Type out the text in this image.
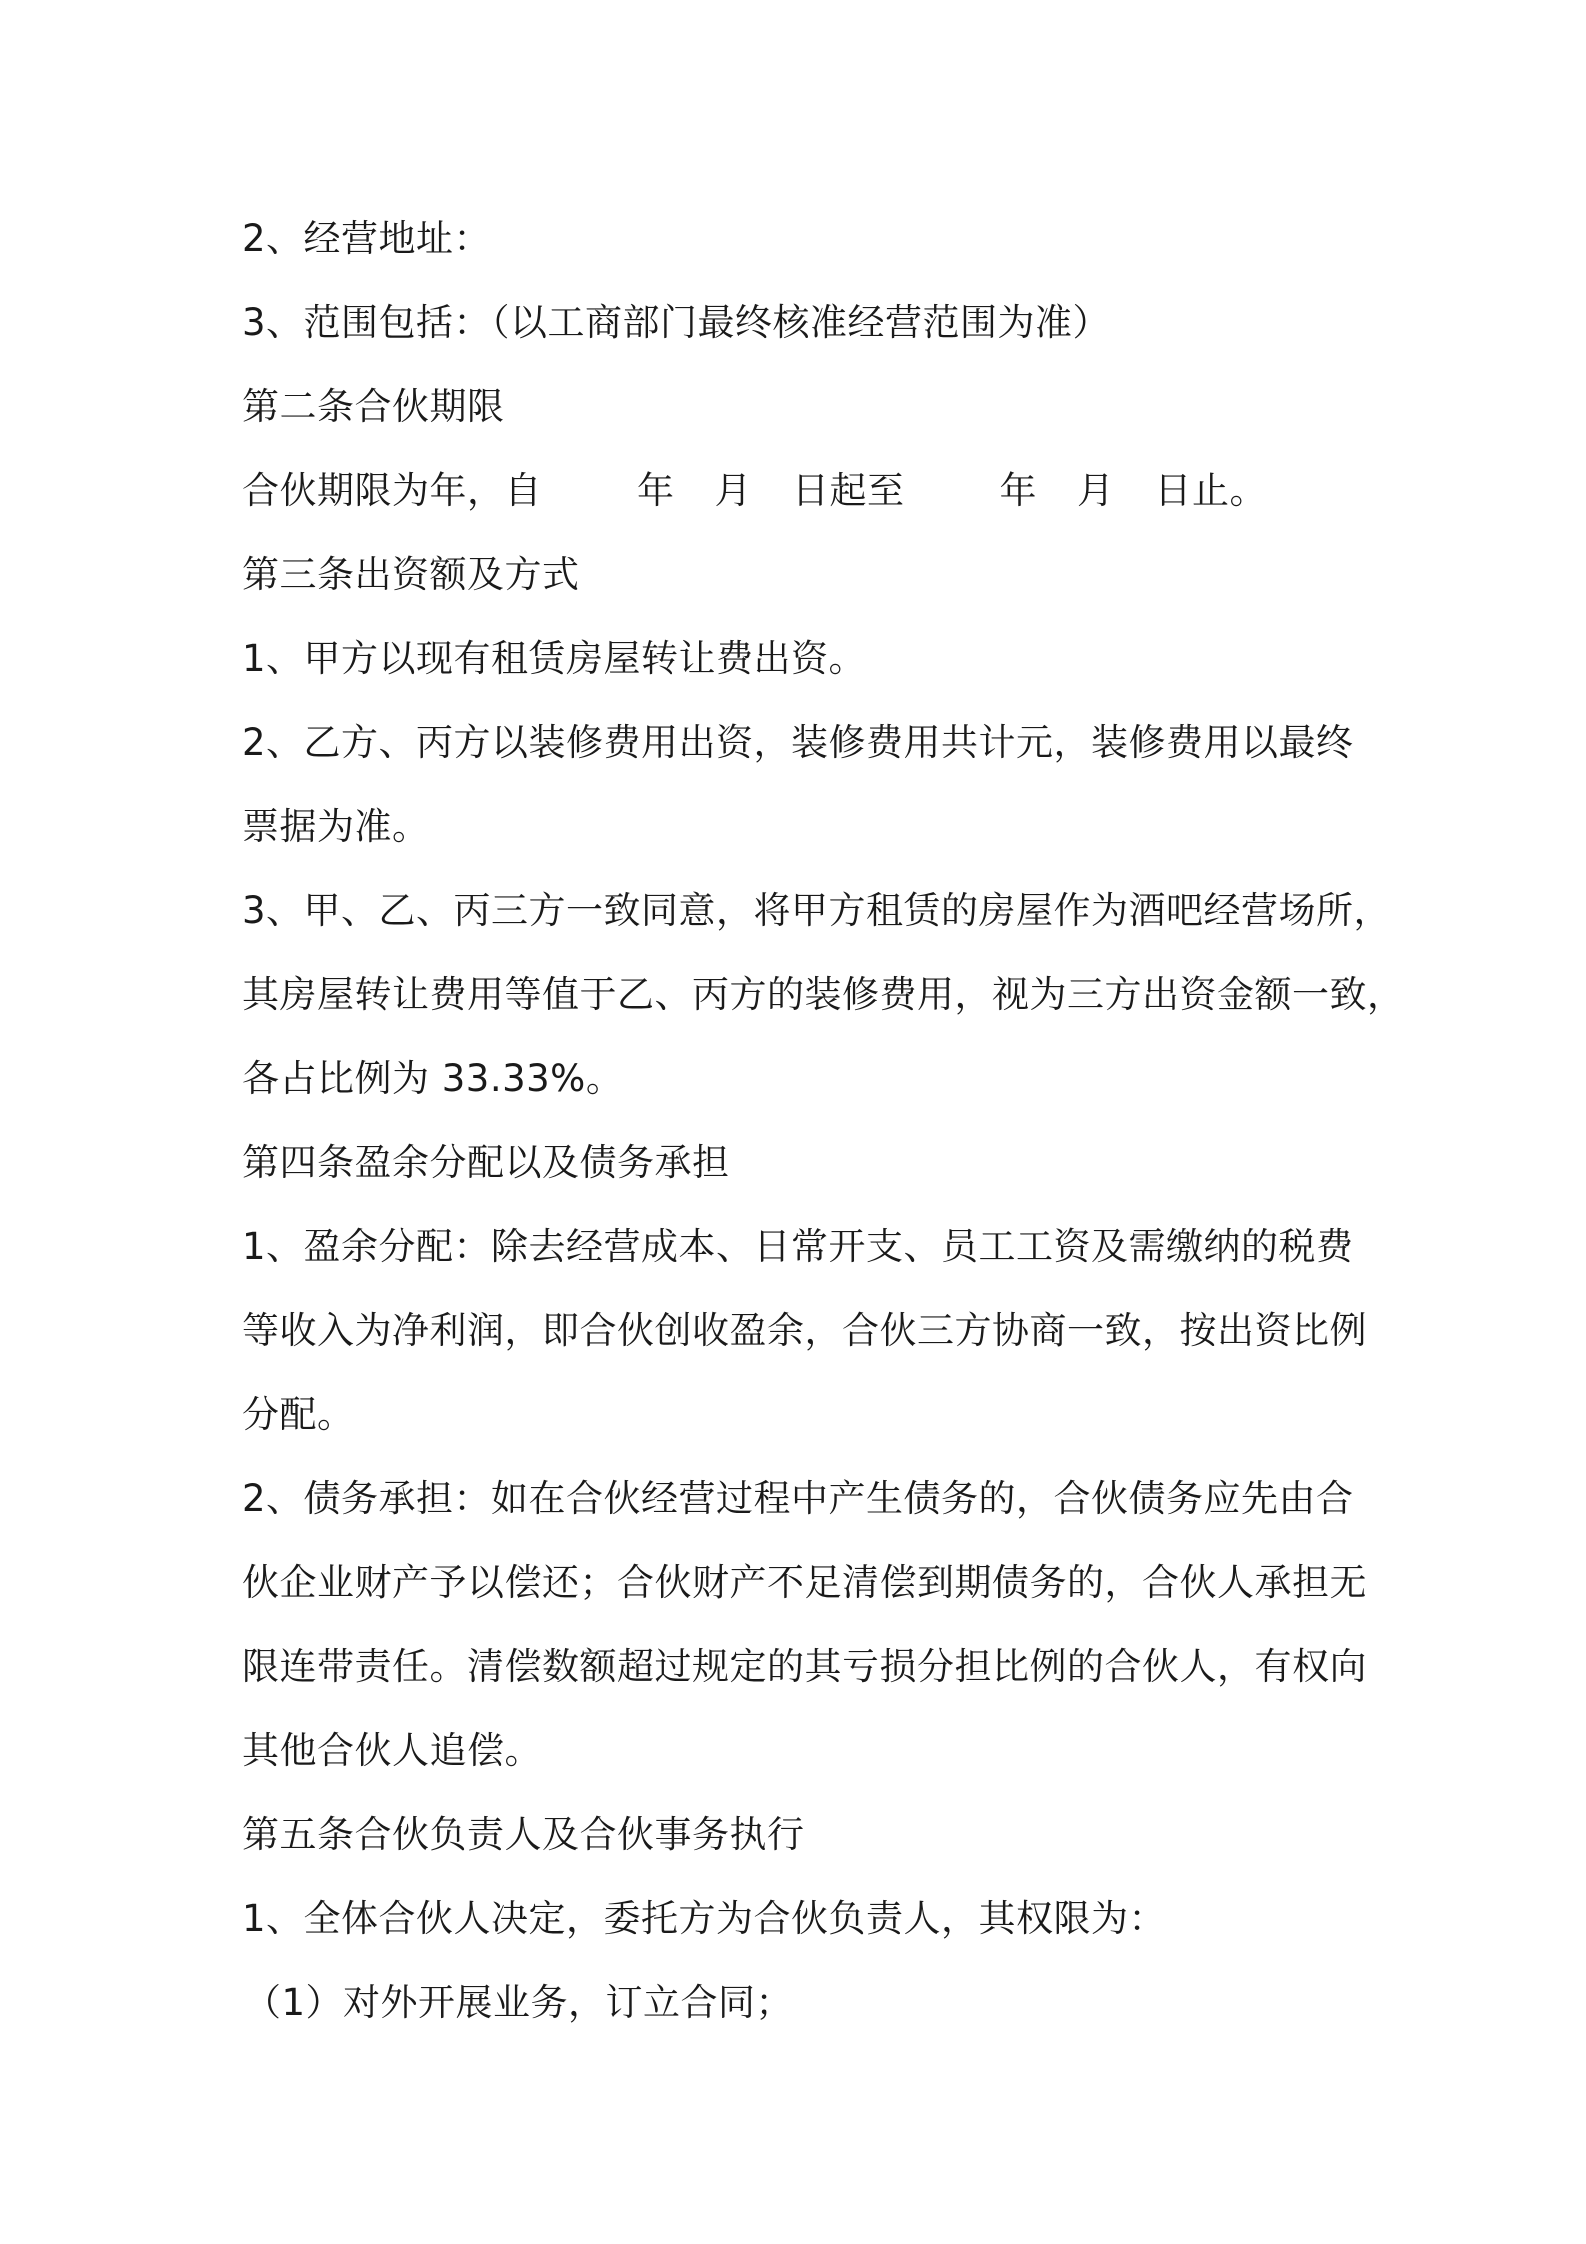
2、经营地址：
3、范围包括：（以工商部门最终核准经营范围为准）
第二条合伙期限
合伙期限为年，自	年 月 日起至	年 月 日止。
第三条出资额及方式
1、甲方以现有租赁房屋转让费出资。
2、乙方、丙方以装修费用出资，装修费用共计元，装修费用以最终
票据为准。
3、甲、乙、丙三方一致同意，将甲方租赁的房屋作为酒吧经营场所，
其房屋转让费用等值于乙、丙方的装修费用，视为三方出资金额一致，
各占比例为 33.33%。
第四条盈余分配以及债务承担
1、盈余分配：除去经营成本、日常开支、员工工资及需缴纳的税费
等收入为净利润，即合伙创收盈余，合伙三方协商一致，按出资比例
分配。
2、债务承担：如在合伙经营过程中产生债务的，合伙债务应先由合
伙企业财产予以偿还；合伙财产不足清偿到期债务的，合伙人承担无
限连带责任。清偿数额超过规定的其亏损分担比例的合伙人，有权向
其他合伙人追偿。
第五条合伙负责人及合伙事务执行
1、全体合伙人决定，委托方为合伙负责人，其权限为：
（1）对外开展业务，订立合同；
